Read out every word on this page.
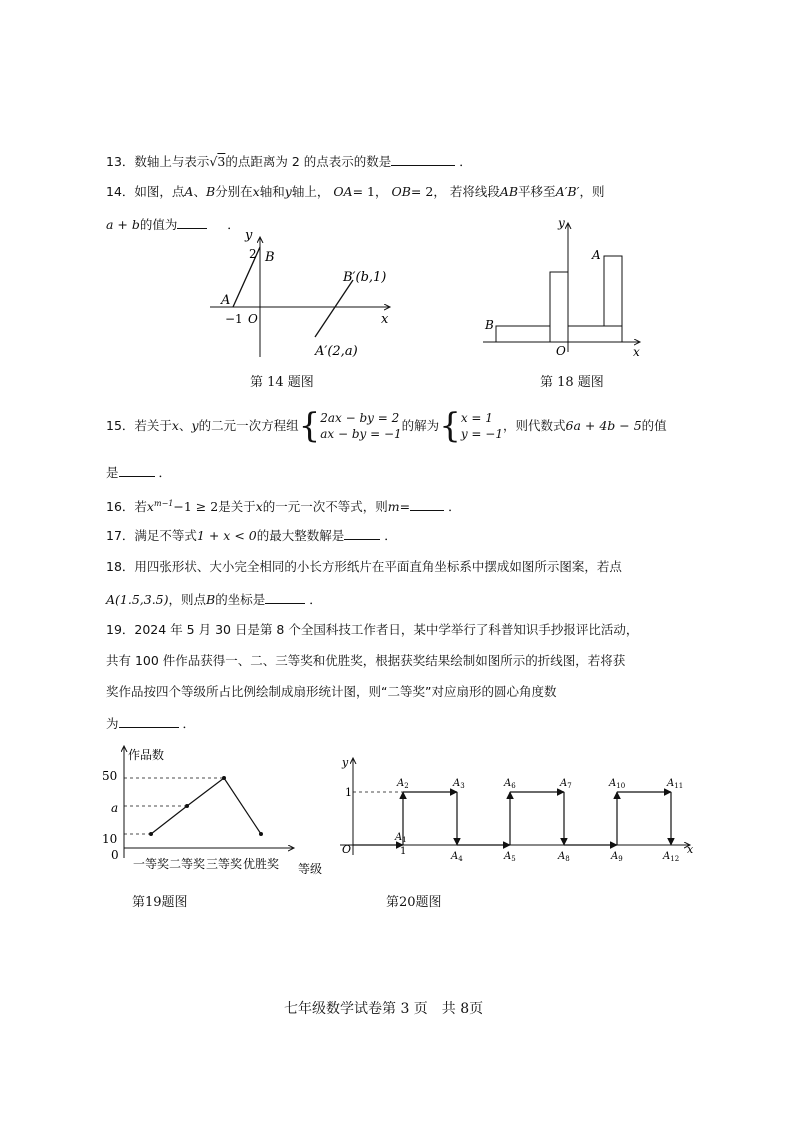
13．数轴上与表示√3的点距离为 2 的点表示的数是	．
14．如图，点A、B分别在x轴和y轴上， OA= 1， OB= 2， 若将线段AB平移至A′B′，则
a + b的值为	．
y
2 B
A
−1 O	x
B′(b,1)
A′(2,a)
第 14 题图
y
A
B
O	x
第 18 题图
15． 若关于 x 、 y 的二元一次方程组 { 2ax − by = 2
ax − by = −1
的解为 { x = 1
y = −1
，则代数式 6a + 4b − 5 的值
是	．
16．若$x^{m-1}-1 \ge 2$是关于x的一元一次不等式，则m=	．
17．满足不等式1 + x < 0的最大整数解是	．
18．用四张形状、大小完全相同的小长方形纸片在平面直角坐标系中摆成如图所示图案，若点
A(1.5,3.5)，则点B的坐标是	．
19．2024 年 5 月 30 日是第 8 个全国科技工作者日，某中学举行了科普知识手抄报评比活动，
共有 100 件作品获得一、二、三等奖和优胜奖，根据获奖结果绘制如图所示的折线图，若将获
奖作品按四个等级所占比例绘制成扇形统计图，则“二等奖”对应扇形的圆心角度数
为	．
作品数
50
a
10
0
一等奖 二等奖 三等奖 优胜奖 等级
第19题图
$A_1$
$A_2$	$A_3$
$A_4$	$A_5$
$A_6$	$A_7$
$A_8$	$A_9$
$A_{10}$	$A_{11}$
$A_{12}$
y
1
O	1	x
第20题图
七年级数学试卷第 3 页　共 8页
